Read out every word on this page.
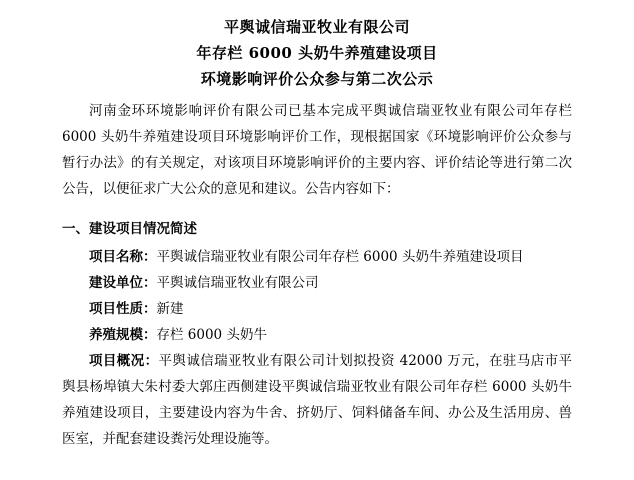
平舆诚信瑞亚牧业有限公司
年存栏 6000 头奶牛养殖建设项目
环境影响评价公众参与第二次公示

河南金环环境影响评价有限公司已基本完成平舆诚信瑞亚牧业有限公司年存栏 6000 头奶牛养殖建设项目环境影响评价工作，现根据国家《环境影响评价公众参与暂行办法》的有关规定，对该项目环境影响评价的主要内容、评价结论等进行第二次公告，以便征求广大公众的意见和建议。公告内容如下：

一、建设项目情况简述
项目名称：平舆诚信瑞亚牧业有限公司年存栏 6000 头奶牛养殖建设项目
建设单位：平舆诚信瑞亚牧业有限公司
项目性质：新建
养殖规模：存栏 6000 头奶牛
项目概况：平舆诚信瑞亚牧业有限公司计划拟投资 42000 万元，在驻马店市平舆县杨埠镇大朱村委大郭庄西侧建设平舆诚信瑞亚牧业有限公司年存栏 6000 头奶牛养殖建设项目，主要建设内容为牛舍、挤奶厅、饲料储备车间、办公及生活用房、兽医室，并配套建设粪污处理设施等。
